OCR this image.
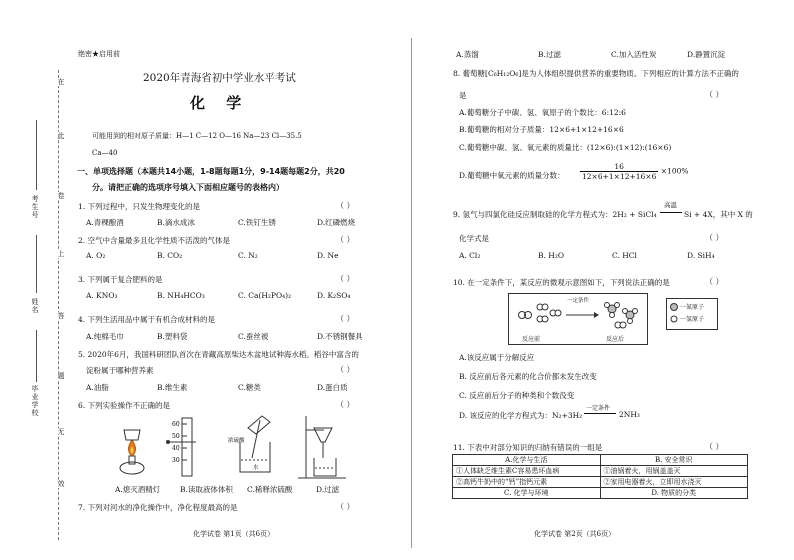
在
此
卷
上
答
题
无
效
考生号
姓名
毕业学校
绝密★启用前
2020年青海省初中学业水平考试
化 学
可能用到的相对原子质量：H—1 C—12 O—16 Na—23 Cl—35.5
Ca—40
一、单项选择题（本题共14小题，1-8题每题1分，9-14题每题2分，共20
分。请把正确的选项序号填入下面相应题号的表格内）
1. 下列过程中，只发生物理变化的是	（ ）
A.青稞酿酒	B.滴水成冰	C.铁钉生锈	D.红磷燃烧
2. 空气中含量最多且化学性质不活泼的气体是	（ ）
A. O₂	B. CO₂	C. N₂	D. Ne
3. 下列属于复合肥料的是	（ ）
A. KNO₃	B. NH₄HCO₃	C. Ca(H₂PO₄)₂	D. K₂SO₄
4. 下列生活用品中属于有机合成材料的是	（ ）
A.纯棉毛巾	B.塑料袋	C.蚕丝被	D.不锈钢餐具
5. 2020年6月，我国科研团队首次在青藏高原柴达木盆地试种海水稻。稻谷中富含的
淀粉属于哪种营养素	（ ）
A.油脂	B.维生素	C.糖类	D.蛋白质
6. 下列实验操作不正确的是	（ ）
60
50
40
30
浓硫酸
水
A.熄灭酒精灯	B.读取液体体积 C.稀释浓硫酸	D.过滤
7. 下列对河水的净化操作中，净化程度最高的是	（ ）
化学试卷 第1页（共6页）
A.蒸馏	B.过滤	C.加入活性炭	D.静置沉淀
8. 葡萄糖[C₆H₁₂O₆]是为人体组织提供营养的重要物质。下列相应的计算方法不正确的
是	（ ）
A.葡萄糖分子中碳、氢、氧原子的个数比：6:12:6
B.葡萄糖的相对分子质量：12×6+1×12+16×6
C.葡萄糖中碳、氢、氧元素的质量比：(12×6):(1×12):(16×6)
D.葡萄糖中氧元素的质量分数： $\frac{16}{12\times 6+1\times 12+16\times 6} \times 100\%$
9. 氢气与四氯化硅反应制取硅的化学方程式为：2H₂ + SiCl₄
高温
Si + 4X，其中 X 的
化学式是	（ ）
A. Cl₂	B. H₂O	C. HCl	D. SiH₄
10. 在一定条件下，某反应的微观示意图如下，下列说法正确的是	（ ）
一定条件
反应前	反应后
一氮原子
一氢原子
A.该反应属于分解反应
B. 反应前后各元素的化合价都未发生改变
C. 反应前后分子的种类和个数没变
D. 该反应的化学方程式为：N₂+3H₂
一定条件
2NH₃
11. 下表中对部分知识的归纳有错误的一组是	（ ）
A.化学与生活	B. 安全常识
①人体缺乏维生素C容易患坏血病	①油锅着火，用锅盖盖灭
②高钙牛奶中的“钙”指钙元素	②家用电器着火，立即用水浇灭
C. 化学与环境	D. 物质的分类
化学试卷 第2页（共6页）
